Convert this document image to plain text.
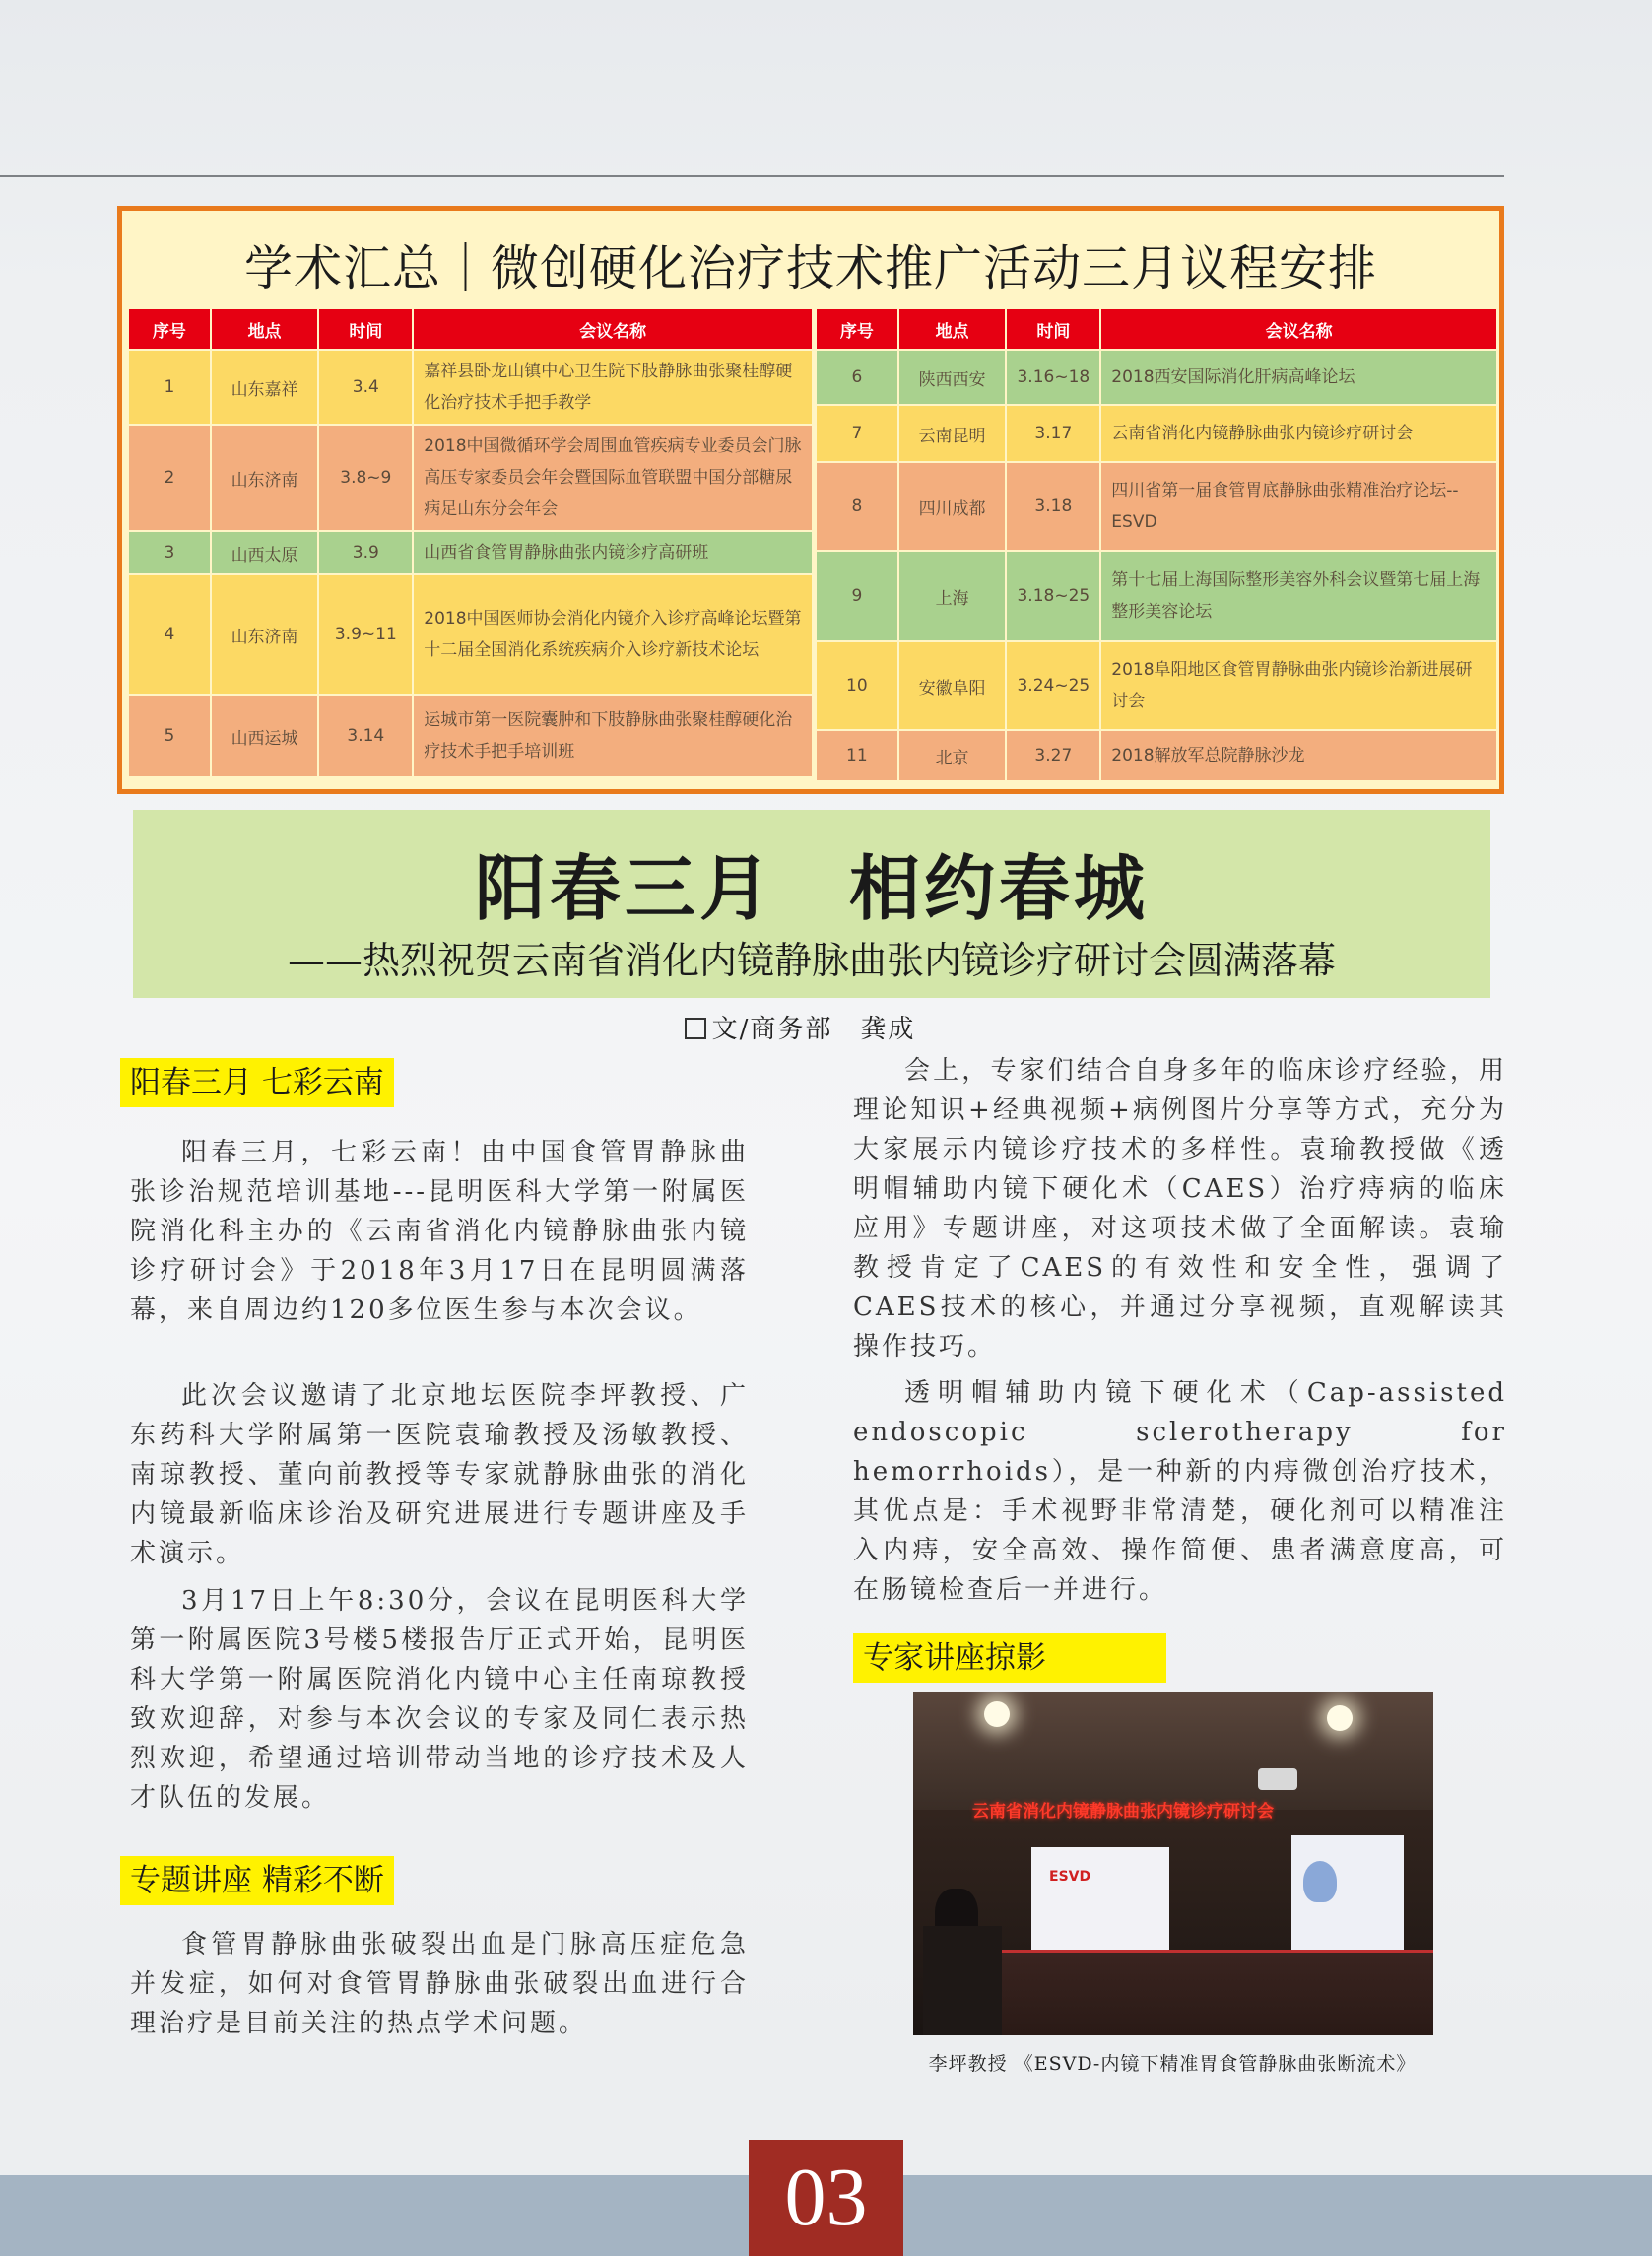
学术汇总｜微创硬化治疗技术推广活动三月议程安排
序号	地点	时间	会议名称
1	山东嘉祥	3.4	嘉祥县卧龙山镇中心卫生院下肢静脉曲张聚桂醇硬化治疗技术手把手教学
2	山东济南	3.8~9	2018中国微循环学会周围血管疾病专业委员会门脉高压专家委员会年会暨国际血管联盟中国分部糖尿病足山东分会年会
3	山西太原	3.9	山西省食管胃静脉曲张内镜诊疗高研班
4	山东济南	3.9~11	2018中国医师协会消化内镜介入诊疗高峰论坛暨第十二届全国消化系统疾病介入诊疗新技术论坛
5	山西运城	3.14	运城市第一医院囊肿和下肢静脉曲张聚桂醇硬化治疗技术手把手培训班
序号	地点	时间	会议名称
6	陕西西安	3.16~18	2018西安国际消化肝病高峰论坛
7	云南昆明	3.17	云南省消化内镜静脉曲张内镜诊疗研讨会
8	四川成都	3.18	四川省第一届食管胃底静脉曲张精准治疗论坛--ESVD
9	上海	3.18~25	第十七届上海国际整形美容外科会议暨第七届上海整形美容论坛
10	安徽阜阳	3.24~25	2018阜阳地区食管胃静脉曲张内镜诊治新进展研讨会
11	北京	3.27	2018解放军总院静脉沙龙
阳春三月　相约春城
——热烈祝贺云南省消化内镜静脉曲张内镜诊疗研讨会圆满落幕
文/商务部　龚成
阳春三月 七彩云南
阳春三月，七彩云南！由中国食管胃静脉曲张诊治规范培训基地---昆明医科大学第一附属医院消化科主办的《云南省消化内镜静脉曲张内镜诊疗研讨会》于2018年3月17日在昆明圆满落幕，来自周边约120多位医生参与本次会议。
此次会议邀请了北京地坛医院李坪教授、广东药科大学附属第一医院袁瑜教授及汤敏教授、南琼教授、董向前教授等专家就静脉曲张的消化内镜最新临床诊治及研究进展进行专题讲座及手术演示。
3月17日上午8:30分，会议在昆明医科大学第一附属医院3号楼5楼报告厅正式开始，昆明医科大学第一附属医院消化内镜中心主任南琼教授致欢迎辞，对参与本次会议的专家及同仁表示热烈欢迎，希望通过培训带动当地的诊疗技术及人才队伍的发展。
专题讲座 精彩不断
食管胃静脉曲张破裂出血是门脉高压症危急并发症，如何对食管胃静脉曲张破裂出血进行合理治疗是目前关注的热点学术问题。
会上，专家们结合自身多年的临床诊疗经验，用理论知识+经典视频+病例图片分享等方式，充分为大家展示内镜诊疗技术的多样性。袁瑜教授做《透明帽辅助内镜下硬化术（CAES）治疗痔病的临床应用》专题讲座，对这项技术做了全面解读。袁瑜教授肯定了CAES的有效性和安全性，强调了CAES技术的核心，并通过分享视频，直观解读其操作技巧。
透明帽辅助内镜下硬化术（Cap-assisted endoscopic sclerotherapy for hemorrhoids），是一种新的内痔微创治疗技术，其优点是：手术视野非常清楚，硬化剂可以精准注入内痔，安全高效、操作简便、患者满意度高，可在肠镜检查后一并进行。
专家讲座掠影
云南省消化内镜静脉曲张内镜诊疗研讨会
ESVD
李坪教授 《ESVD-内镜下精准胃食管静脉曲张断流术》
03
